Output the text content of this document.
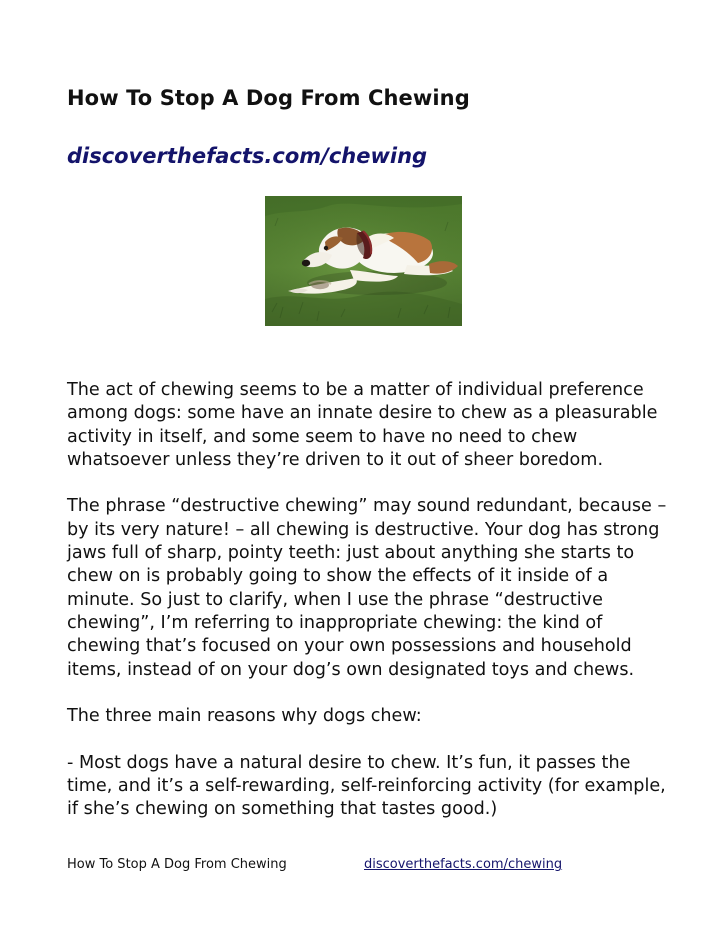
How To Stop A Dog From Chewing
discoverthefacts.com/chewing

The act of chewing seems to be a matter of individual preference among dogs: some have an innate desire to chew as a pleasurable activity in itself, and some seem to have no need to chew whatsoever unless they’re driven to it out of sheer boredom.

The phrase “destructive chewing” may sound redundant, because – by its very nature! – all chewing is destructive. Your dog has strong jaws full of sharp, pointy teeth: just about anything she starts to chew on is probably going to show the effects of it inside of a minute. So just to clarify, when I use the phrase “destructive chewing”, I’m referring to inappropriate chewing: the kind of chewing that’s focused on your own possessions and household items, instead of on your dog’s own designated toys and chews.

The three main reasons why dogs chew:

- Most dogs have a natural desire to chew. It’s fun, it passes the time, and it’s a self-rewarding, self-reinforcing activity (for example, if she’s chewing on something that tastes good.)

How To Stop A Dog From Chewing	discoverthefacts.com/chewing
